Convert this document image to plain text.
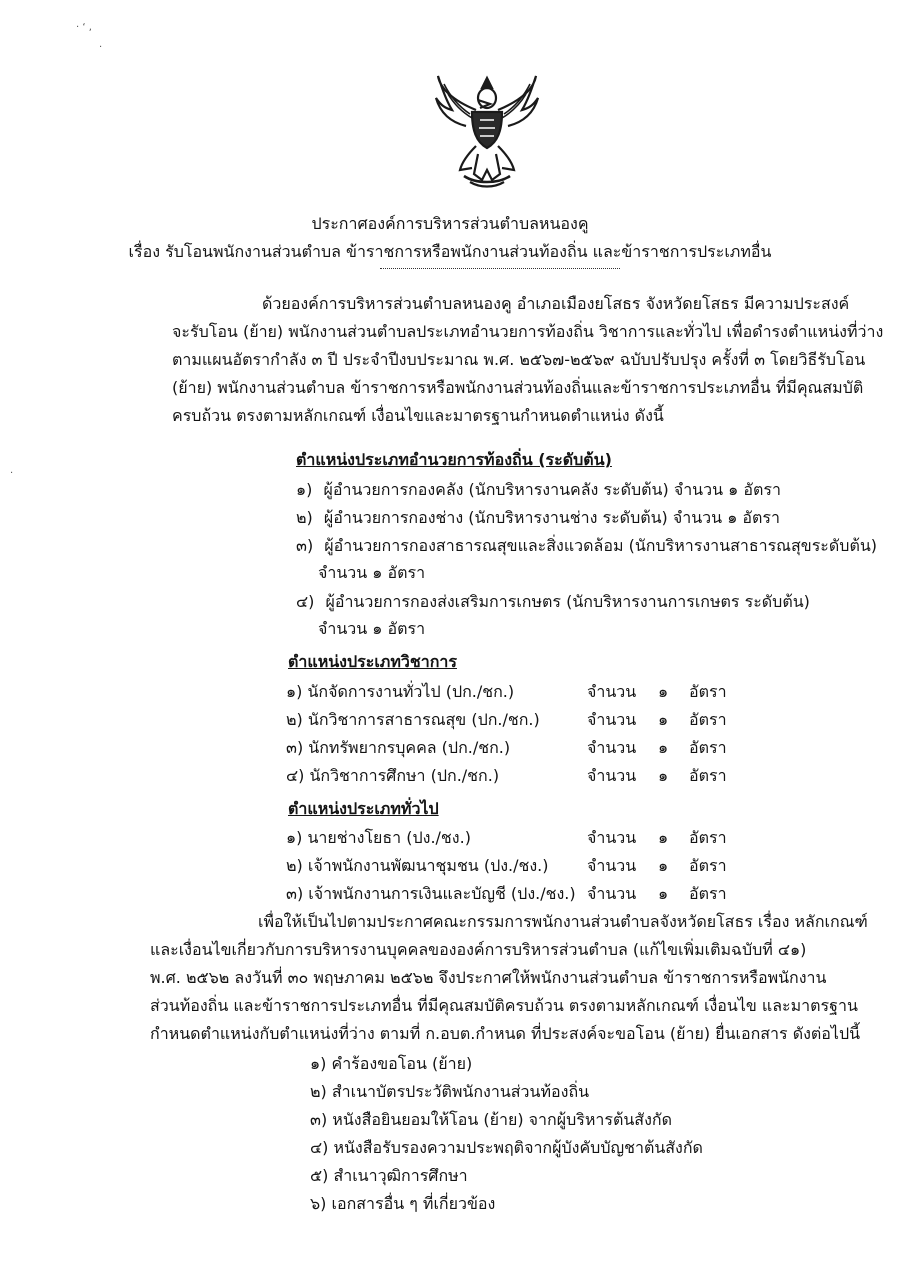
· ‘ ,
·
·
ประกาศองค์การบริหารส่วนตำบลหนองคู
เรื่อง รับโอนพนักงานส่วนตำบล ข้าราชการหรือพนักงานส่วนท้องถิ่น และข้าราชการประเภทอื่น
ด้วยองค์การบริหารส่วนตำบลหนองคู อำเภอเมืองยโสธร จังหวัดยโสธร มีความประสงค์
จะรับโอน (ย้าย) พนักงานส่วนตำบลประเภทอำนวยการท้องถิ่น วิชาการและทั่วไป เพื่อดำรงตำแหน่งที่ว่าง
ตามแผนอัตรากำลัง ๓ ปี ประจำปีงบประมาณ พ.ศ. ๒๕๖๗-๒๕๖๙ ฉบับปรับปรุง ครั้งที่ ๓ โดยวิธีรับโอน
(ย้าย) พนักงานส่วนตำบล ข้าราชการหรือพนักงานส่วนท้องถิ่นและข้าราชการประเภทอื่น ที่มีคุณสมบัติ
ครบถ้วน ตรงตามหลักเกณฑ์ เงื่อนไขและมาตรฐานกำหนดตำแหน่ง ดังนี้
ตำแหน่งประเภทอำนวยการท้องถิ่น (ระดับต้น)
๑) ผู้อำนวยการกองคลัง (นักบริหารงานคลัง ระดับต้น) จำนวน ๑ อัตรา
๒) ผู้อำนวยการกองช่าง (นักบริหารงานช่าง ระดับต้น) จำนวน ๑ อัตรา
๓) ผู้อำนวยการกองสาธารณสุขและสิ่งแวดล้อม (นักบริหารงานสาธารณสุขระดับต้น)
จำนวน ๑ อัตรา
๔) ผู้อำนวยการกองส่งเสริมการเกษตร (นักบริหารงานการเกษตร ระดับต้น)
จำนวน ๑ อัตรา
ตำแหน่งประเภทวิชาการ
๑) นักจัดการงานทั่วไป (ปก./ชก.)	จำนวน ๑ อัตรา
๒) นักวิชาการสาธารณสุข (ปก./ชก.)	จำนวน ๑ อัตรา
๓) นักทรัพยากรบุคคล (ปก./ชก.)	จำนวน ๑ อัตรา
๔) นักวิชาการศึกษา (ปก./ชก.)	จำนวน ๑ อัตรา
ตำแหน่งประเภททั่วไป
๑) นายช่างโยธา (ปง./ชง.)	จำนวน ๑ อัตรา
๒) เจ้าพนักงานพัฒนาชุมชน (ปง./ชง.) จำนวน ๑ อัตรา
๓) เจ้าพนักงานการเงินและบัญชี (ปง./ชง.) จำนวน ๑ อัตรา
เพื่อให้เป็นไปตามประกาศคณะกรรมการพนักงานส่วนตำบลจังหวัดยโสธร เรื่อง หลักเกณฑ์
และเงื่อนไขเกี่ยวกับการบริหารงานบุคคลขององค์การบริหารส่วนตำบล (แก้ไขเพิ่มเติมฉบับที่ ๔๑)
พ.ศ. ๒๕๖๒ ลงวันที่ ๓๐ พฤษภาคม ๒๕๖๒ จึงประกาศให้พนักงานส่วนตำบล ข้าราชการหรือพนักงาน
ส่วนท้องถิ่น และข้าราชการประเภทอื่น ที่มีคุณสมบัติครบถ้วน ตรงตามหลักเกณฑ์ เงื่อนไข และมาตรฐาน
กำหนดตำแหน่งกับตำแหน่งที่ว่าง ตามที่ ก.อบต.กำหนด ที่ประสงค์จะขอโอน (ย้าย) ยื่นเอกสาร ดังต่อไปนี้
๑) คำร้องขอโอน (ย้าย)
๒) สำเนาบัตรประวัติพนักงานส่วนท้องถิ่น
๓) หนังสือยินยอมให้โอน (ย้าย) จากผู้บริหารต้นสังกัด
๔) หนังสือรับรองความประพฤติจากผู้บังคับบัญชาต้นสังกัด
๕) สำเนาวุฒิการศึกษา
๖) เอกสารอื่น ๆ ที่เกี่ยวข้อง
